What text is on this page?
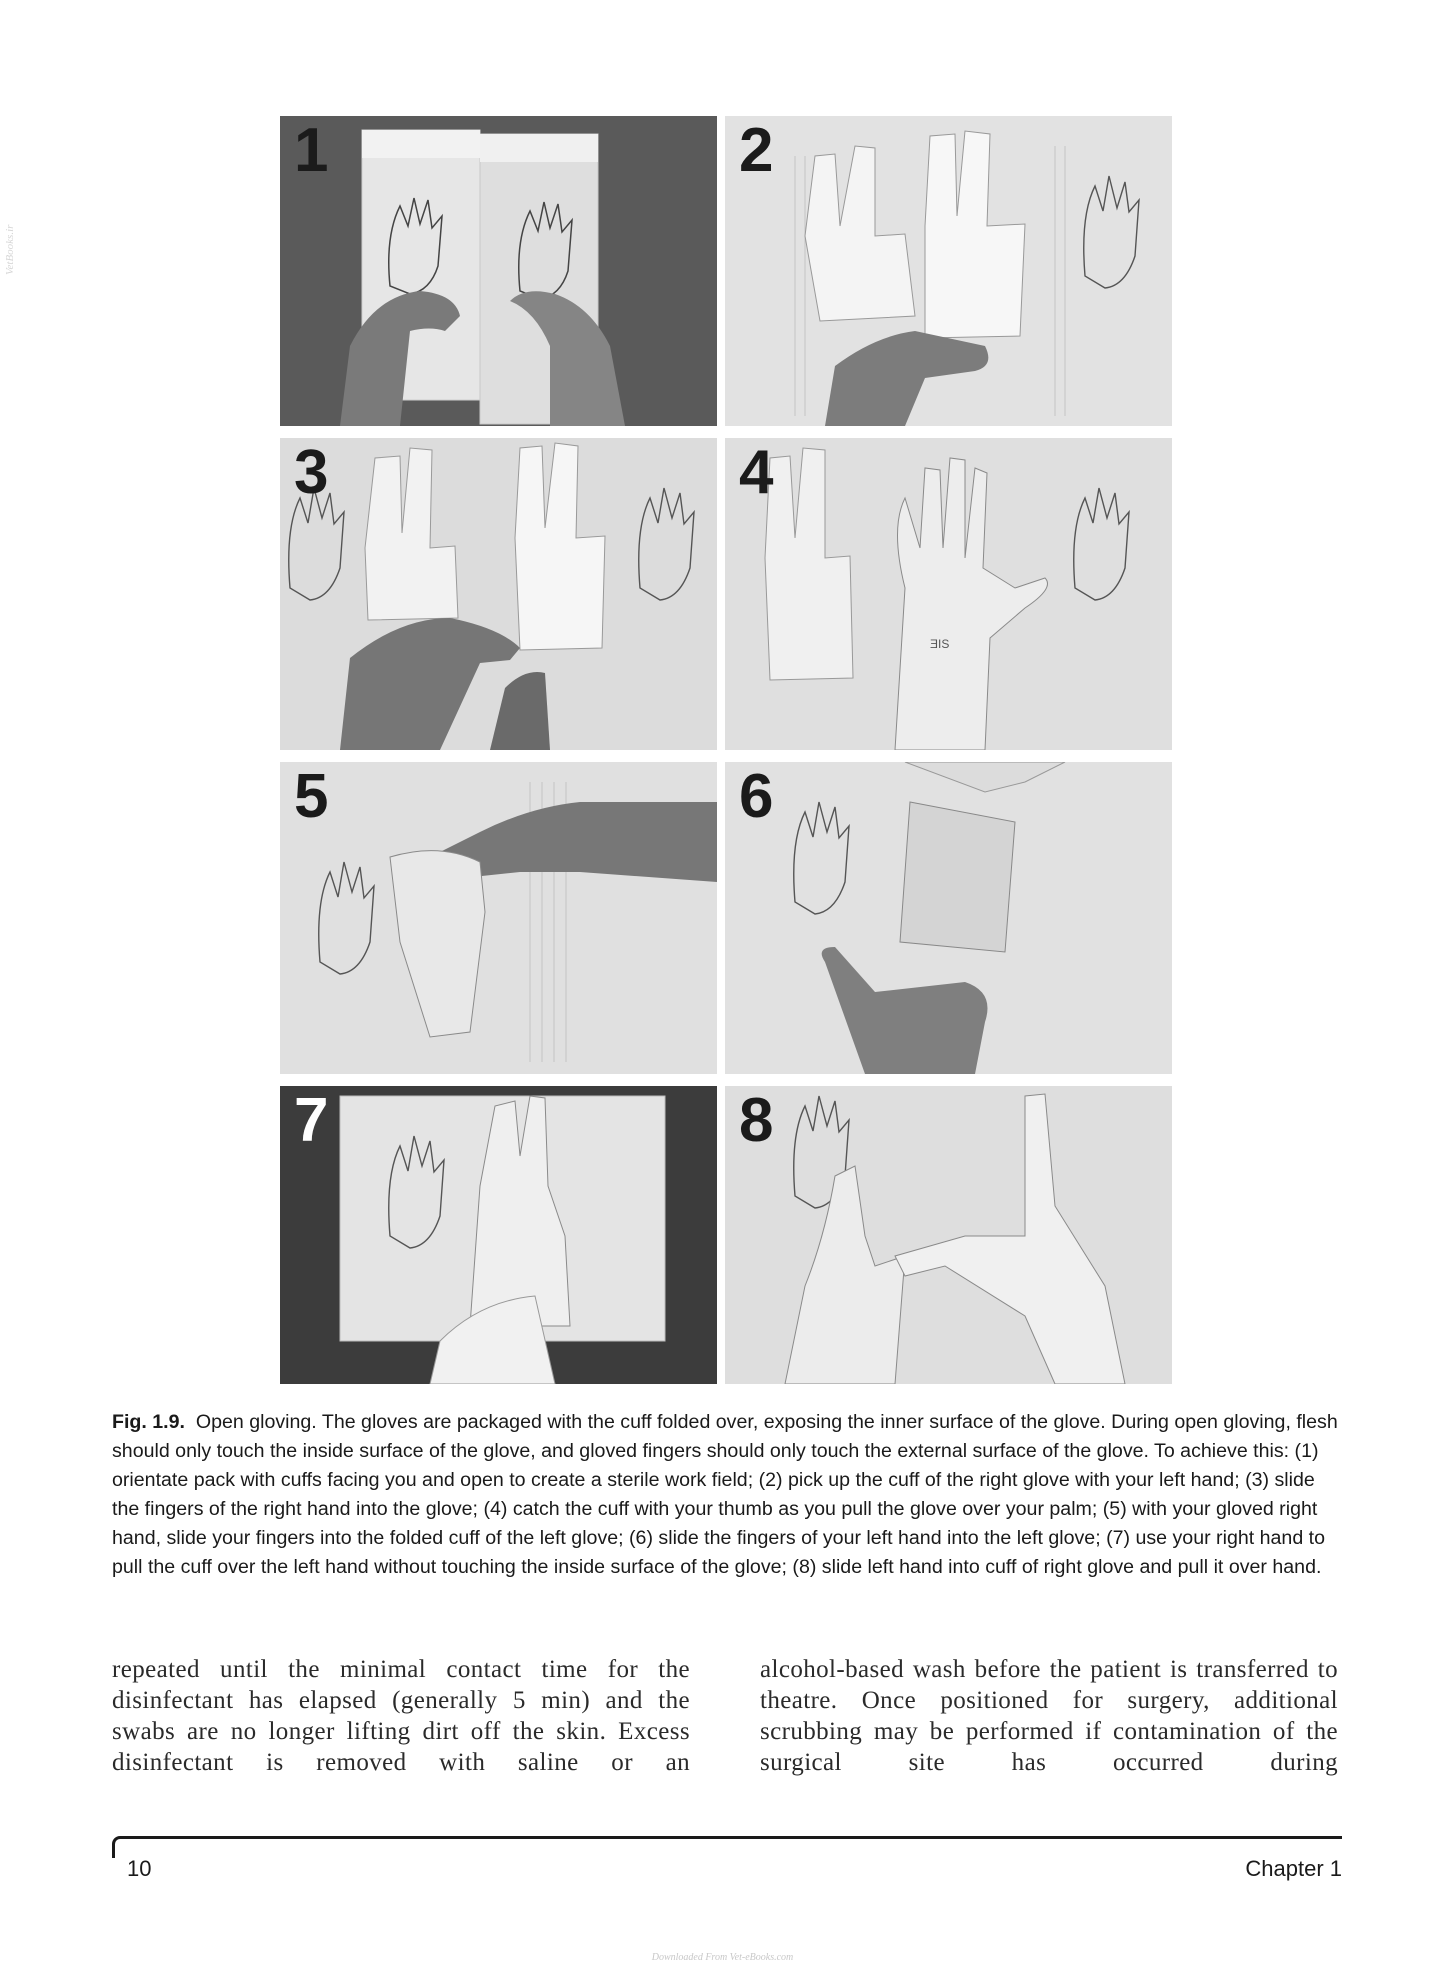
VetBooks.ir
1	2
3
ƎIS
4
5	6
7	8
Fig. 1.9. Open gloving. The gloves are packaged with the cuff folded over, exposing the inner surface of the glove. During open gloving, flesh should only touch the inside surface of the glove, and gloved fingers should only touch the external surface of the glove. To achieve this: (1) orientate pack with cuffs facing you and open to create a sterile work field; (2) pick up the cuff of the right glove with your left hand; (3) slide the fingers of the right hand into the glove; (4) catch the cuff with your thumb as you pull the glove over your palm; (5) with your gloved right hand, slide your fingers into the folded cuff of the left glove; (6) slide the fingers of your left hand into the left glove; (7) use your right hand to pull the cuff over the left hand without touching the inside surface of the glove; (8) slide left hand into cuff of right glove and pull it over hand.
repeated until the minimal contact time for the disinfectant has elapsed (generally 5 min) and the swabs are no longer lifting dirt off the skin. Excess disinfectant is removed with saline or an
alcohol-based wash before the patient is transferred to theatre. Once positioned for surgery, additional scrubbing may be performed if contamination of the surgical site has occurred during
10	Chapter 1
Downloaded From Vet-eBooks.com
